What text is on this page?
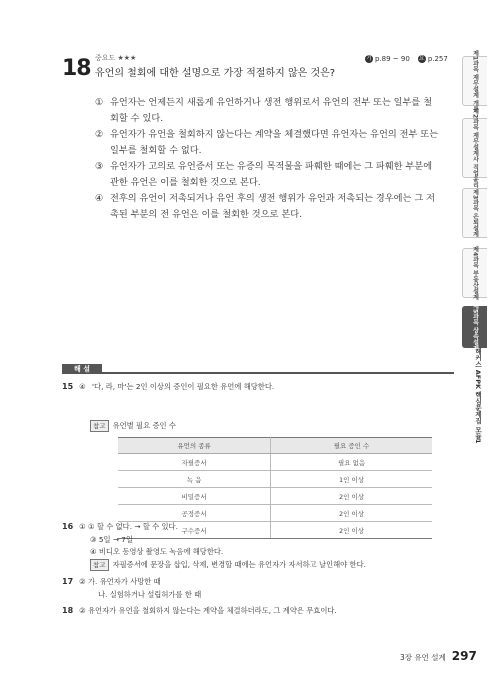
18 중요도 ★★★
유언의 철회에 대한 설명으로 가장 적절하지 않은 것은?
기 p.89 ~ 90 요 p.257
① 유언자는 언제든지 새롭게 유언하거나 생전 행위로서 유언의 전부 또는 일부를 철회할 수 있다.
② 유언자가 유언을 철회하지 않는다는 계약을 체결했다면 유언자는 유언의 전부 또는 일부를 철회할 수 없다.
③ 유언자가 고의로 유언증서 또는 유증의 목적물을 파훼한 때에는 그 파훼한 부분에 관한 유언은 이를 철회한 것으로 본다.
④ 전후의 유언이 저촉되거나 유언 후의 생전 행위가 유언과 저촉되는 경우에는 그 저촉된 부분의 전 유언은 이를 철회한 것으로 본다.
제1과목 재무설계 개론
제2과목 재무설계사 직업윤리
제3과목 은퇴설계
제4과목 부동산설계
제5과목 상속설계
해커스 AFPK 핵심문제집 모듈1
해 설
15 ④ '다, 라, 마'는 2인 이상의 증인이 필요한 유언에 해당한다.
참고 유언별 필요 증인 수
유언의 종류	필요 증인 수
자필증서	필요 없음
녹 음	1인 이상
비밀증서	2인 이상
공정증서	2인 이상
구수증서	2인 이상
16 ① ① 할 수 없다. → 할 수 있다.
③ 5일 → 7일
④ 비디오 동영상 촬영도 녹음에 해당한다.
참고 자필증서에 문장을 삽입, 삭제, 변경할 때에는 유언자가 자서하고 날인해야 한다.
17 ② 가. 유언자가 사망한 때
나. 실험하거나 설립허가를 한 때
18 ② 유언자가 유언을 철회하지 않는다는 계약을 체결하더라도, 그 계약은 무효이다.
3장 유언 설계 297
